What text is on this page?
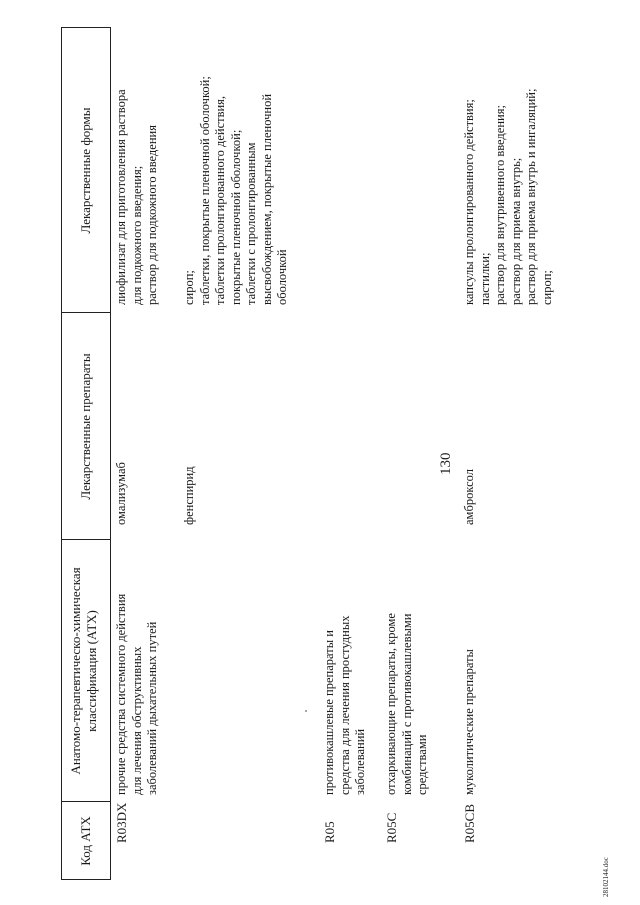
130
28102144.doc
Код АТХ
Анатомо-терапевтическо-химическая классификация (АТХ)
Лекарственные препараты
Лекарственные формы
R03DX
прочие средства системного действия для лечения обструктивных заболеваний дыхательных путей
омализумаб
лиофилизат для приготовления раствора для подкожного введения; раствор для подкожного введения
фенспирид
сироп; таблетки, покрытые пленочной оболочкой; таблетки пролонгированного действия, покрытые пленочной оболочкой; таблетки с пролонгированным высвобождением, покрытые пленочной оболочкой
R05
противокашлевые препараты и средства для лечения простудных заболеваний
R05C
отхаркивающие препараты, кроме комбинаций с противокашлевыми средствами
R05CB
муколитические препараты
амброксол
капсулы пролонгированного действия; пастилки; раствор для внутривенного введения; раствор для приема внутрь; раствор для приема внутрь и ингаляций; сироп;
